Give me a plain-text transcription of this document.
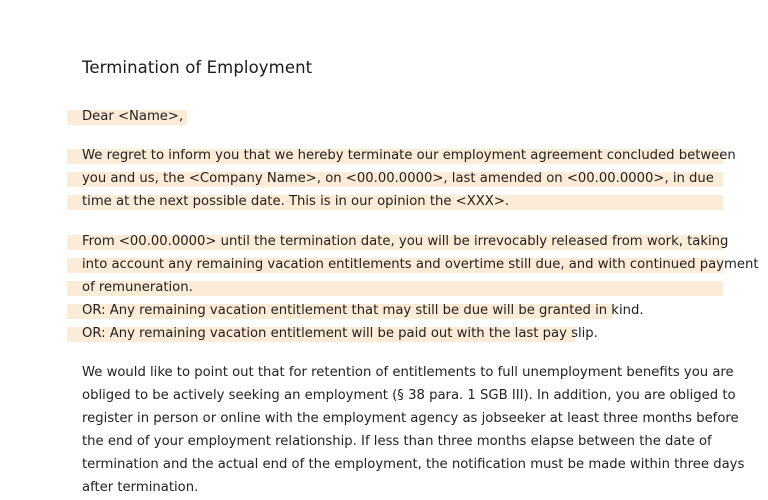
Termination of Employment
Dear <Name>,
We regret to inform you that we hereby terminate our employment agreement concluded between
you and us, the <Company Name>, on <00.00.0000>, last amended on <00.00.0000>, in due
time at the next possible date. This is in our opinion the <XXX>.
From <00.00.0000> until the termination date, you will be irrevocably released from work, taking
into account any remaining vacation entitlements and overtime still due, and with continued payment
of remuneration.
OR: Any remaining vacation entitlement that may still be due will be granted in kind.
OR: Any remaining vacation entitlement will be paid out with the last pay slip.
We would like to point out that for retention of entitlements to full unemployment benefits you are
obliged to be actively seeking an employment (§ 38 para. 1 SGB III). In addition, you are obliged to
register in person or online with the employment agency as jobseeker at least three months before
the end of your employment relationship. If less than three months elapse between the date of
termination and the actual end of the employment, the notification must be made within three days
after termination.
